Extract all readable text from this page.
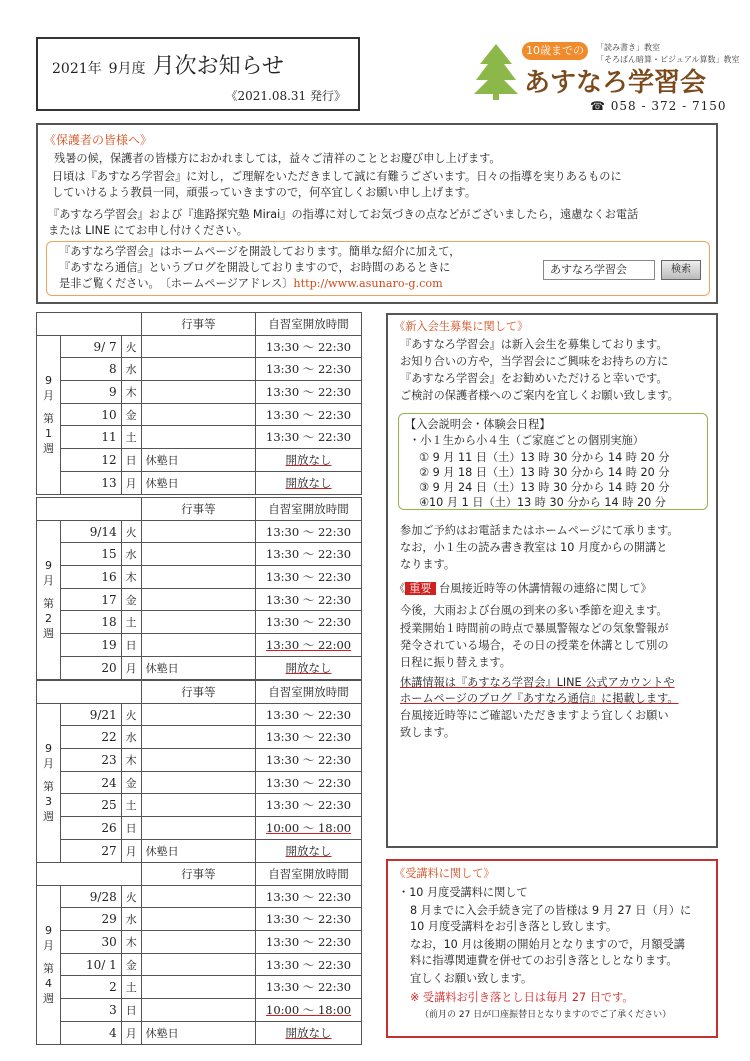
2021年 9月度 月次お知らせ
《2021.08.31 発行》
10歳までの	「読み書き」教室
「そろばん暗算・ビジュアル算数」教室
あすなろ学習会
☎ 058 - 372 - 7150
《保護者の皆様へ》
残暑の候，保護者の皆様方におかれましては，益々ご清祥のこととお慶び申し上げます。
日頃は『あすなろ学習会』に対し，ご理解をいただきまして誠に有難うございます。日々の指導を実りあるものに
していけるよう教員一同，頑張っていきますので，何卒宜しくお願い申し上げます。
『あすなろ学習会』および『進路探究塾 Mirai』の指導に対してお気づきの点などがございましたら，遠慮なくお電話
または LINE にてお申し付けください。
『あすなろ学習会』はホームページを開設しております。簡単な紹介に加えて，
『あすなろ通信』というブログを開設しておりますので，お時間のあるときに
是非ご覧ください。　〔ホームページアドレス〕http://www.asunaro-g.com
あすなろ学習会	検索
			行事等	自習室開放時間

9
月
第
1
週	9/ 7	火		13:30 ～ 22:30
	8	水		13:30 ～ 22:30
	9	木		13:30 ～ 22:30
	10	金		13:30 ～ 22:30
	11	土		13:30 ～ 22:30
	12	日	休塾日	開放なし
	13	月	休塾日	開放なし
			行事等	自習室開放時間

9
月
第
2
週	9/14	火		13:30 ～ 22:30
	15	水		13:30 ～ 22:30
	16	木		13:30 ～ 22:30
	17	金		13:30 ～ 22:30
	18	土		13:30 ～ 22:30
	19	日		13:30 ～ 22:00
	20	月	休塾日	開放なし
			行事等	自習室開放時間

9
月
第
3
週	9/21	火		13:30 ～ 22:30
	22	水		13:30 ～ 22:30
	23	木		13:30 ～ 22:30
	24	金		13:30 ～ 22:30
	25	土		13:30 ～ 22:30
	26	日		10:00 ～ 18:00
	27	月	休塾日	開放なし
			行事等	自習室開放時間

9
月
第
4
週	9/28	火		13:30 ～ 22:30
	29	水		13:30 ～ 22:30
	30	木		13:30 ～ 22:30
	10/ 1	金		13:30 ～ 22:30
	2	土		13:30 ～ 22:30
	3	日		10:00 ～ 18:00
	4	月	休塾日	開放なし
《新入会生募集に関して》
『あすなろ学習会』は新入会生を募集しております。
お知り合いの方や，当学習会にご興味をお持ちの方に
『あすなろ学習会』をお勧めいただけると幸いです。
ご検討の保護者様へのご案内を宜しくお願い致します。
【入会説明会・体験会日程】
・小１生から小４生（ご家庭ごとの個別実施）
① 9 月 11 日（土）13 時 30 分から 14 時 20 分
② 9 月 18 日（土）13 時 30 分から 14 時 20 分
③ 9 月 24 日（土）13 時 30 分から 14 時 20 分
④10 月 1 日（土）13 時 30 分から 14 時 20 分
参加ご予約はお電話またはホームページにて承ります。
なお，小１生の読み書き教室は 10 月度からの開講と
なります。
《 重要 台風接近時等の休講情報の連絡に関して》
今後，大雨および台風の到来の多い季節を迎えます。
授業開始１時間前の時点で暴風警報などの気象警報が
発令されている場合，その日の授業を休講として別の
日程に振り替えます。
休講情報は『あすなろ学習会』LINE 公式アカウントや
ホームページのブログ『あすなろ通信』に掲載します。
台風接近時等にご確認いただきますよう宜しくお願い
致します。
《受講料に関して》
・10 月度受講料に関して
8 月までに入会手続き完了の皆様は 9 月 27 日（月）に
10 月度受講料をお引き落とし致します。
なお，10 月は後期の開始月となりますので，月額受講
料に指導関連費を併せてのお引き落としとなります。
宜しくお願い致します。
※ 受講料お引き落とし日は毎月 27 日です。
（前月の 27 日が口座振替日となりますのでご了承ください）
